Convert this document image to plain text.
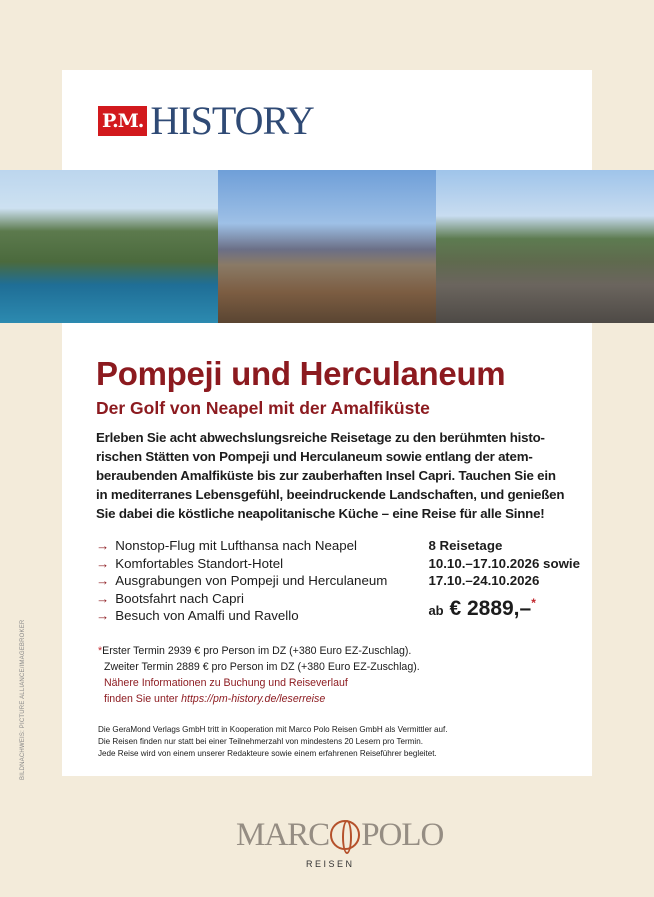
P.M. HISTORY
Pompeji und Herculaneum
Der Golf von Neapel mit der Amalfiküste
Erleben Sie acht abwechslungsreiche Reisetage zu den berühmten histo-
rischen Stätten von Pompeji und Herculaneum sowie entlang der atem-
beraubenden Amalfiküste bis zur zauberhaften Insel Capri. Tauchen Sie ein
in mediterranes Lebensgefühl, beeindruckende Landschaften, und genießen
Sie dabei die köstliche neapolitanische Küche – eine Reise für alle Sinne!
→ Nonstop-Flug mit Lufthansa nach Neapel
→ Komfortables Standort-Hotel
→ Ausgrabungen von Pompeji und Herculaneum
→ Bootsfahrt nach Capri
→ Besuch von Amalfi und Ravello
8 Reisetage
10.10.–17.10.2026 sowie
17.10.–24.10.2026
ab € 2889,–*
*Erster Termin 2939 € pro Person im DZ (+380 Euro EZ-Zuschlag).
Zweiter Termin 2889 € pro Person im DZ (+380 Euro EZ-Zuschlag).
Nähere Informationen zu Buchung und Reiseverlauf
finden Sie unter https://pm-history.de/leserreise
Die GeraMond Verlags GmbH tritt in Kooperation mit Marco Polo Reisen GmbH als Vermittler auf.
Die Reisen finden nur statt bei einer Teilnehmerzahl von mindestens 20 Lesern pro Termin.
Jede Reise wird von einem unserer Redakteure sowie einem erfahrenen Reiseführer begleitet.
BILDNACHWEIS: PICTURE ALLIANCE/IMAGEBROKER
MARC POLO
REISEN
